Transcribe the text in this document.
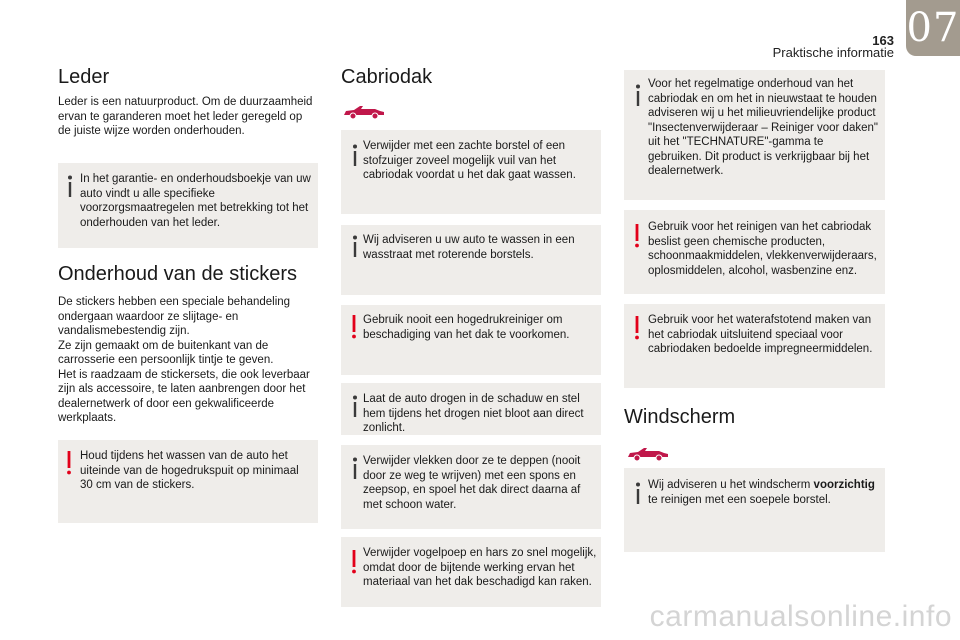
163
Praktische informatie
07
Leder

Leder is een natuurproduct. Om de duurzaamheid ervan te garanderen moet het leder geregeld op de juiste wijze worden onderhouden.

In het garantie- en onderhoudsboekje van uw auto vindt u alle specifieke voorzorgsmaatregelen met betrekking tot het onderhouden van het leder.
Onderhoud van de stickers

De stickers hebben een speciale behandeling ondergaan waardoor ze slijtage- en vandalismebestendig zijn.
Ze zijn gemaakt om de buitenkant van de carrosserie een persoonlijk tintje te geven.
Het is raadzaam de stickersets, die ook leverbaar zijn als accessoire, te laten aanbrengen door het dealernetwerk of door een gekwalificeerde werkplaats.

Houd tijdens het wassen van de auto het uiteinde van de hogedrukspuit op minimaal 30 cm van de stickers.
Cabriodak
Verwijder met een zachte borstel of een stofzuiger zoveel mogelijk vuil van het cabriodak voordat u het dak gaat wassen.
Wij adviseren u uw auto te wassen in een wasstraat met roterende borstels.
Gebruik nooit een hogedrukreiniger om beschadiging van het dak te voorkomen.
Laat de auto drogen in de schaduw en stel hem tijdens het drogen niet bloot aan direct zonlicht.
Verwijder vlekken door ze te deppen (nooit door ze weg te wrijven) met een spons en zeepsop, en spoel het dak direct daarna af met schoon water.
Verwijder vogelpoep en hars zo snel mogelijk, omdat door de bijtende werking ervan het materiaal van het dak beschadigd kan raken.
Voor het regelmatige onderhoud van het cabriodak en om het in nieuwstaat te houden adviseren wij u het milieuvriendelijke product "Insectenverwijderaar – Reiniger voor daken" uit het "TECHNATURE"-gamma te gebruiken. Dit product is verkrijgbaar bij het dealernetwerk.
Gebruik voor het reinigen van het cabriodak beslist geen chemische producten, schoonmaakmiddelen, vlekkenverwijderaars, oplosmiddelen, alcohol, wasbenzine enz.
Gebruik voor het waterafstotend maken van het cabriodak uitsluitend speciaal voor cabriodaken bedoelde impregneermiddelen.
Windscherm
Wij adviseren u het windscherm voorzichtig te reinigen met een soepele borstel.
carmanualsonline.info
